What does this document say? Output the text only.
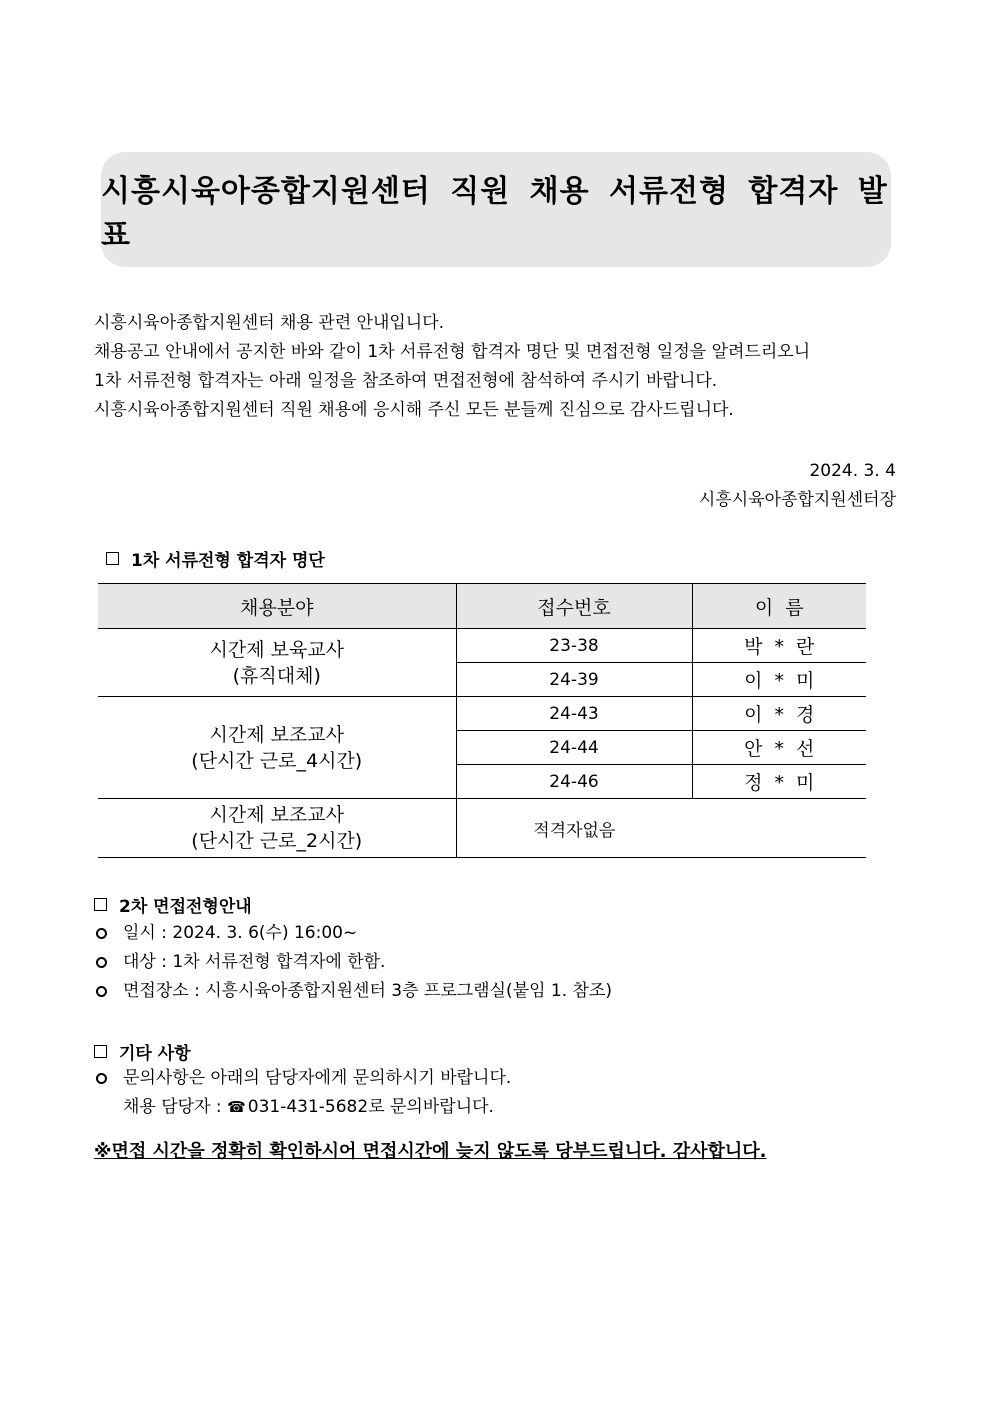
시흥시육아종합지원센터 직원 채용 서류전형 합격자 발표

시흥시육아종합지원센터 채용 관련 안내입니다.

채용공고 안내에서 공지한 바와 같이 1차 서류전형 합격자 명단 및 면접전형 일정을 알려드리오니

1차 서류전형 합격자는 아래 일정을 참조하여 면접전형에 참석하여 주시기 바랍니다.

시흥시육아종합지원센터 직원 채용에 응시해 주신 모든 분들께 진심으로 감사드립니다.

2024. 3. 4
시흥시육아종합지원센터장
1차 서류전형 합격자 명단
채용분야	접수번호	이  름

시간제 보육교사
(휴직대체)	23-38	박 * 란
	24-39	이 * 미

시간제 보조교사
(단시간 근로_4시간)	24-43	이 * 경
	24-44	안 * 선
	24-46	정 * 미

시간제 보조교사
(단시간 근로_2시간)	적격자없음	
2차 면접전형안내
일시 : 2024. 3. 6(수) 16:00~
대상 : 1차 서류전형 합격자에 한함.
면접장소 : 시흥시육아종합지원센터 3층 프로그램실(붙임 1. 참조)
기타 사항
문의사항은 아래의 담당자에게 문의하시기 바랍니다.
채용 담당자 : ☎ 031-431-5682로 문의바랍니다.
※면접 시간을 정확히 확인하시어 면접시간에 늦지 않도록 당부드립니다. 감사합니다.
